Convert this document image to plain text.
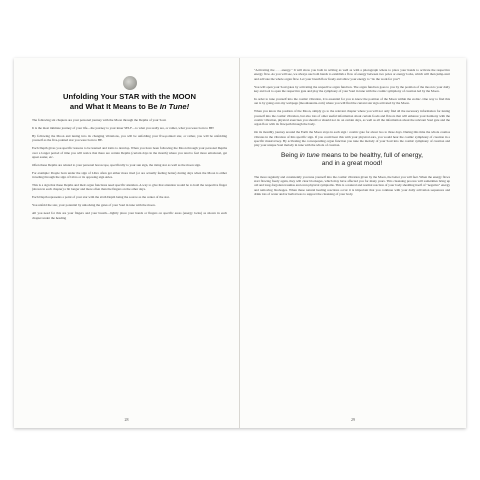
Unfolding Your STAR with the MOON
and What It Means to Be In Tune!

The following six chapters are your personal journey with the Moon through the Depths of your Soul.

It is the most intimate journey of your life—the journey to your inner SELF—to what you really are, or rather, what you were born to BE!

By following the Moon and tuning into its changing vibrations, you will be unfolding your five-pointed star, or rather, you will be unfolding yourself as the five-pointed star you were born to BE.

Each Depth gives you specific lessons to be learned and traits to develop. When you have been following the Moon through your personal Depths over a longer period of time you will notice that there are certain Depths (certain days in the month) where you tend to feel more emotional, get upset easier, etc.

Often these Depths are related to your personal horoscope, specifically to your sun sign, the rising star as well as the moon sign.

For example: People born under the sign of Libra often get either more tired (or are actually feeling better) during days when the Moon is either traveling through the sign of Libra or its opposing sign Aries.

This is a sign that these Depths and their organ functions need specific attention. A way to give that attention would be to hold the respective finger (shown in each chapter) a bit longer and more often than the fingers on the other days.

Each Depth represents a point of your star with the sixth Depth being the source as the center of the star.

You unfold the star, your potential by unlocking the gates of your Soul in tune with the moon.

All you need for this are your fingers and your breath—lightly place your hands or fingers on specific areas (energy locks) as shown in each chapter under the heading

28

"Activating the . . . energy." It will show you both in writing as well as with a photograph where to place your hands to activate the respective energy flow. As you will see, we always use both hands to establish a flow of energy between two poles or energy locks, which will then jump-start and activate the whole organ flow. Let your breath flow freely and allow your energy to "do the work for you"!

You will open your Soul gates by activating the respective organ function. The organ function goes to you by the position of the moon is your daily key and tool to open the respective gate and play the symphony of your Soul in tune with the cosmic symphony of creation led by the Moon.

In order to tune yourself into the cosmic vibration, it is essential for you to know the position of the Moon within the zodiac. One way to find this out is by going onto my webpage (moonlaurette.com) where you will find the current star sign activated by the Moon.

When you know the position of the Moon, simply go to the relevant chapter where you will not only find all the necessary information for tuning yourself into the cosmic vibration, but also lots of other useful information about certain foods and flavors that will enhance your harmony with the cosmic vibration, physical exercises you should or should not do on certain days, as well as all the information about the relevant Soul gate and the organ flow with its flowpath through the body.

On its monthly journey around the Earth the Moon stays in each sign / cosmic gate for about two to three days. During this time the whole cosmos vibrates in the vibration of this specific sign. If you could hear this with your physical ears, you would hear the cosmic symphony of creation in a specific musical key. By activating the corresponding organ function you tune the melody of your Soul into the cosmic symphony of creation and play your unique Soul melody in tune with the whole of creation.

Being in tune means to be healthy, full of energy,
and in a great mood!

The more regularly and consistently you tune yourself into the cosmic vibration given by the Moon, the better you will feel. When the energy flows start flowing freely again, they will clear blockages, which may have affected you for many years. This cleansing process will sometimes bring up old and long-forgotten traumas and even physical symptoms. This is a natural and normal reaction of your body shedding itself of "negative" energy and removing blockages. When these natural healing reactions occur it is important that you continue with your daily activation sequences and drink lots of water and/or herbal teas to support the cleansing of your body.

29
